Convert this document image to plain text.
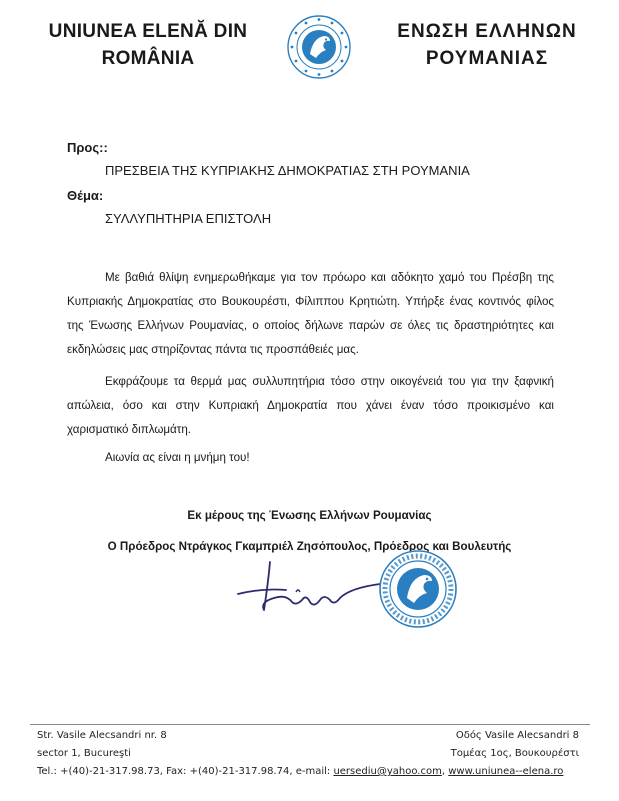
UNIUNEA ELENĂ DIN
ROMÂNIA
ΕΝΩΣΗ ΕΛΛΗΝΩΝ
ΡΟΥΜΑΝΙΑΣ
Προς::
ΠΡΕΣΒΕΙΑ ΤΗΣ ΚΥΠΡΙΑΚΗΣ ΔΗΜΟΚΡΑΤΙΑΣ ΣΤΗ ΡΟΥΜΑΝΙΑ
Θέμα:
ΣΥΛΛΥΠΗΤΗΡΙΑ ΕΠΙΣΤΟΛΗ

Με βαθιά θλίψη ενημερωθήκαμε για τον πρόωρο και αδόκητο χαμό του Πρέσβη της Κυπριακής Δημοκρατίας στο Βουκουρέστι, Φίλιππου Κρητιώτη. Υπήρξε ένας κοντινός φίλος της Ένωσης Ελλήνων Ρουμανίας, ο οποίος δήλωνε παρών σε όλες τις δραστηριότητες και εκδηλώσεις μας στηρίζοντας πάντα τις προσπάθειές μας.

Εκφράζουμε τα θερμά μας συλλυπητήρια τόσο στην οικογένειά του για την ξαφνική απώλεια, όσο και στην Κυπριακή Δημοκρατία που χάνει έναν τόσο προικισμένο και χαρισματικό διπλωμάτη.

Αιωνία ας είναι η μνήμη του!

Εκ μέρους της Ένωσης Ελλήνων Ρουμανίας
Ο Πρόεδρος Ντράγκος Γκαμπριέλ Ζησόπουλος, Πρόεδρος και Βουλευτής
Str. Vasile Alecsandri nr. 8
sector 1, Bucureşti
Οδός Vasile Alecsandri 8
Τομέας 1ος, Βουκουρέστι
Tel.: +(40)-21-317.98.73, Fax: +(40)-21-317.98.74, e-mail: uersediu@yahoo.com, www.uniunea--elena.ro
